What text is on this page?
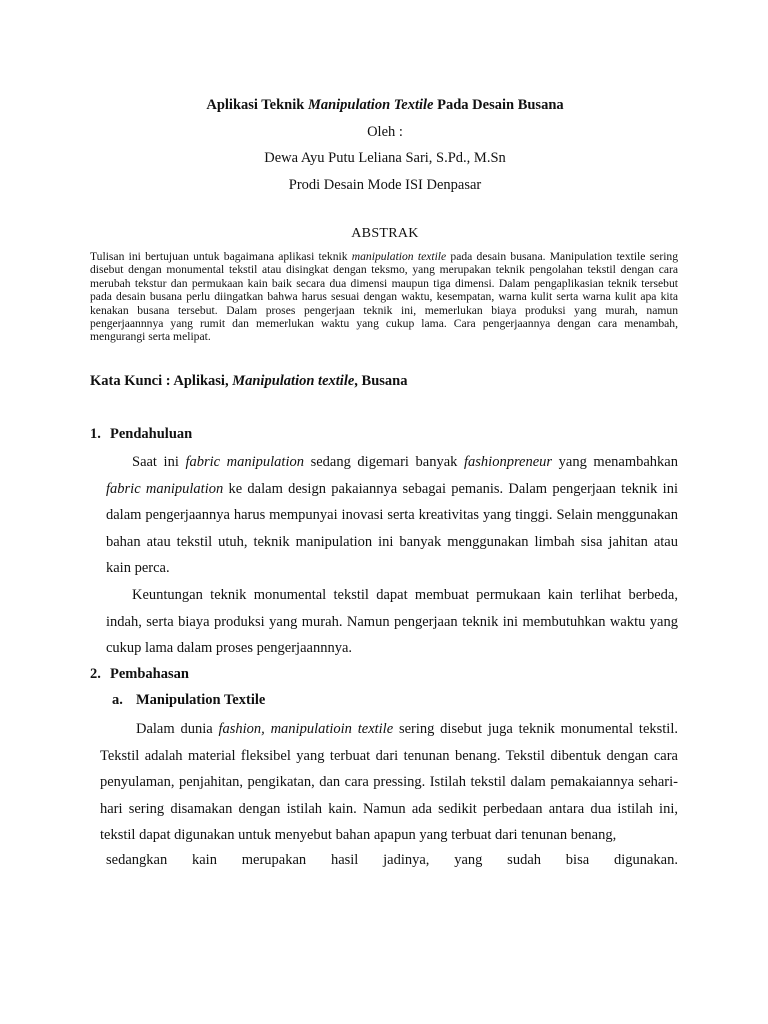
Aplikasi Teknik Manipulation Textile Pada Desain Busana
Oleh :
Dewa Ayu Putu Leliana Sari, S.Pd., M.Sn
Prodi Desain Mode ISI Denpasar
ABSTRAK
Tulisan ini bertujuan untuk bagaimana aplikasi teknik manipulation textile pada desain busana. Manipulation textile sering disebut dengan monumental tekstil atau disingkat dengan teksmo, yang merupakan teknik pengolahan tekstil dengan cara merubah tekstur dan permukaan kain baik secara dua dimensi maupun tiga dimensi. Dalam pengaplikasian teknik tersebut pada desain busana perlu diingatkan bahwa harus sesuai dengan waktu, kesempatan, warna kulit serta warna kulit apa kita kenakan busana tersebut. Dalam proses pengerjaan teknik ini, memerlukan biaya produksi yang murah, namun pengerjaannnya yang rumit dan memerlukan waktu yang cukup lama. Cara pengerjaannya dengan cara menambah, mengurangi serta melipat.
Kata Kunci : Aplikasi, Manipulation textile, Busana
1. Pendahuluan
Saat ini fabric manipulation sedang digemari banyak fashionpreneur yang menambahkan fabric manipulation ke dalam design pakaiannya sebagai pemanis. Dalam pengerjaan teknik ini dalam pengerjaannya harus mempunyai inovasi serta kreativitas yang tinggi. Selain menggunakan bahan atau tekstil utuh, teknik manipulation ini banyak menggunakan limbah sisa jahitan atau kain perca.
Keuntungan teknik monumental tekstil dapat membuat permukaan kain terlihat berbeda, indah, serta biaya produksi yang murah. Namun pengerjaan teknik ini membutuhkan waktu yang cukup lama dalam proses pengerjaannnya.
2. Pembahasan
a. Manipulation Textile
Dalam dunia fashion, manipulatioin textile sering disebut juga teknik monumental tekstil. Tekstil adalah material fleksibel yang terbuat dari tenunan benang. Tekstil dibentuk dengan cara penyulaman, penjahitan, pengikatan, dan cara pressing. Istilah tekstil dalam pemakaiannya sehari-hari sering disamakan dengan istilah kain. Namun ada sedikit perbedaan antara dua istilah ini, tekstil dapat digunakan untuk menyebut bahan apapun yang terbuat dari tenunan benang,
sedangkan kain merupakan hasil jadinya, yang sudah bisa digunakan.
